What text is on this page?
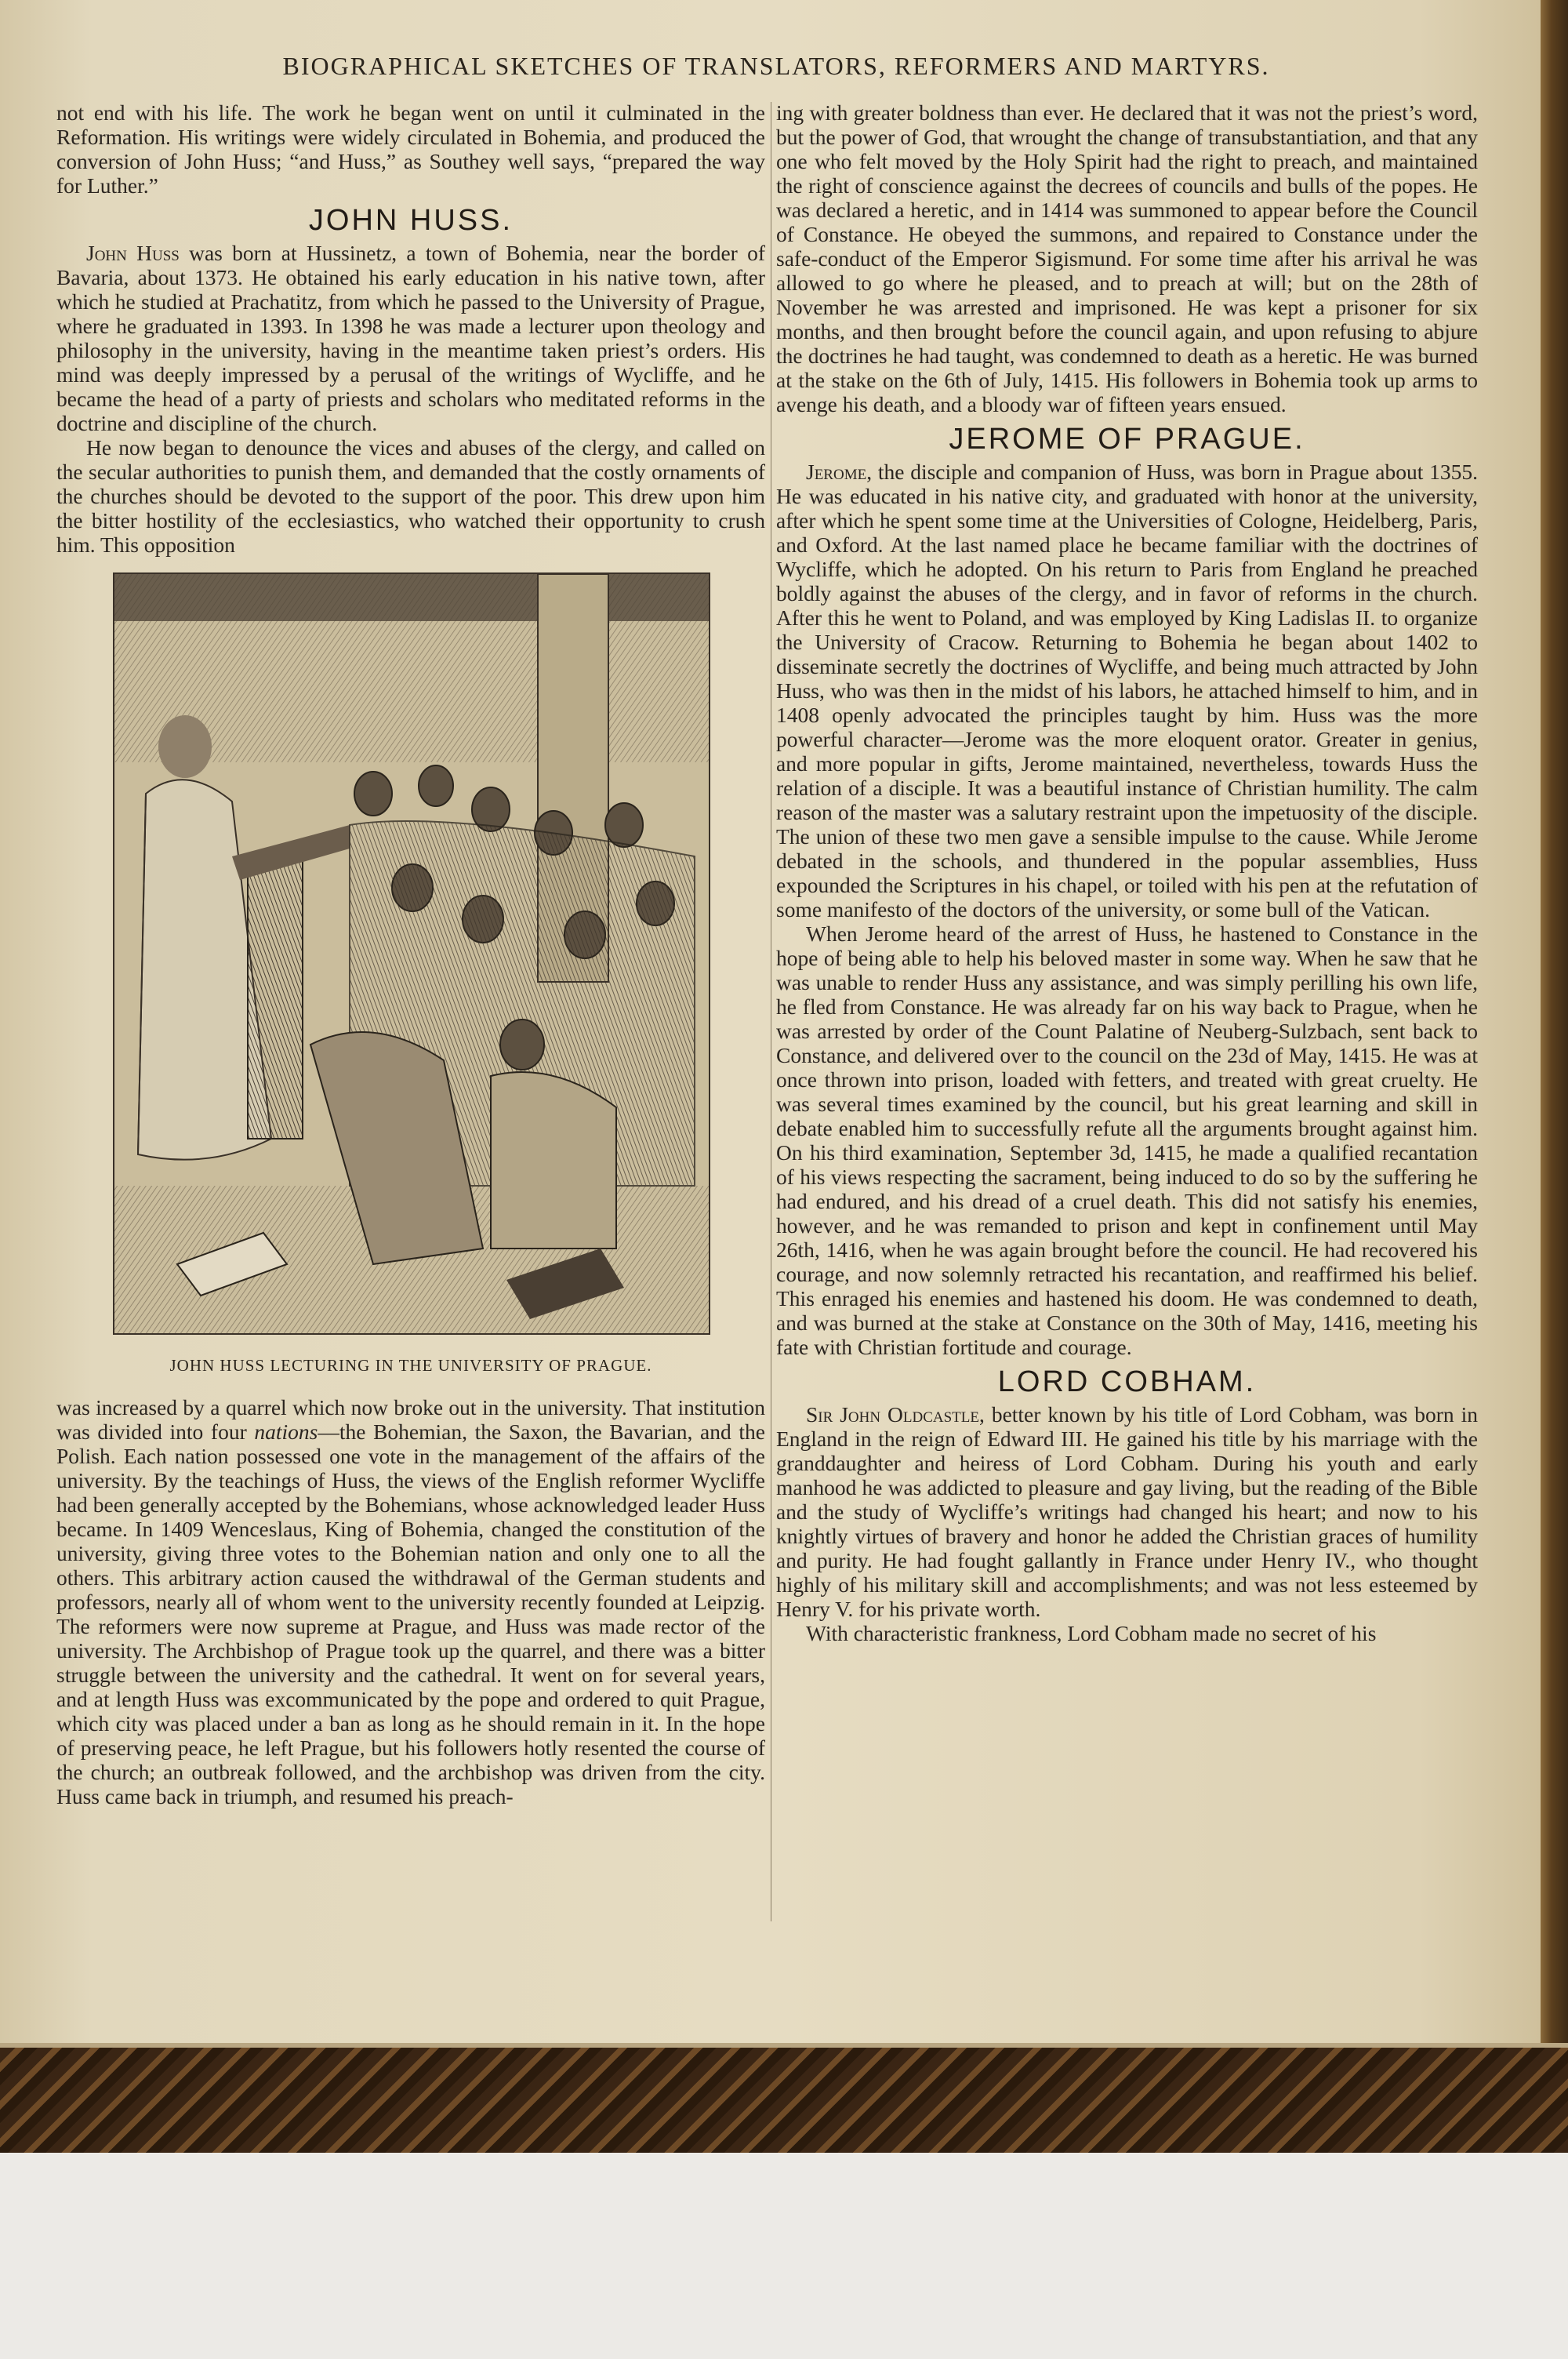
BIOGRAPHICAL SKETCHES OF TRANSLATORS, REFORMERS AND MARTYRS.

not end with his life. The work he began went on until it culminated in the Reformation. His writings were widely circulated in Bohemia, and produced the conversion of John Huss; “and Huss,” as Southey well says, “prepared the way for Luther.”

JOHN HUSS.

John Huss was born at Hussinetz, a town of Bohemia, near the border of Bavaria, about 1373. He obtained his early education in his native town, after which he studied at Prachatitz, from which he passed to the University of Prague, where he graduated in 1393. In 1398 he was made a lecturer upon theology and philosophy in the university, having in the meantime taken priest’s orders. His mind was deeply impressed by a perusal of the writings of Wycliffe, and he became the head of a party of priests and scholars who meditated reforms in the doctrine and discipline of the church.

He now began to denounce the vices and abuses of the clergy, and called on the secular authorities to punish them, and demanded that the costly ornaments of the churches should be devoted to the support of the poor. This drew upon him the bitter hostility of the ecclesiastics, who watched their opportunity to crush him. This opposition

JOHN HUSS LECTURING IN THE UNIVERSITY OF PRAGUE.

was increased by a quarrel which now broke out in the university. That institution was divided into four nations—the Bohemian, the Saxon, the Bavarian, and the Polish. Each nation possessed one vote in the management of the affairs of the university. By the teachings of Huss, the views of the English reformer Wycliffe had been generally accepted by the Bohemians, whose acknowledged leader Huss became. In 1409 Wenceslaus, King of Bohemia, changed the constitution of the university, giving three votes to the Bohemian nation and only one to all the others. This arbitrary action caused the withdrawal of the German students and professors, nearly all of whom went to the university recently founded at Leipzig. The reformers were now supreme at Prague, and Huss was made rector of the university. The Archbishop of Prague took up the quarrel, and there was a bitter struggle between the university and the cathedral. It went on for several years, and at length Huss was excommunicated by the pope and ordered to quit Prague, which city was placed under a ban as long as he should remain in it. In the hope of preserving peace, he left Prague, but his followers hotly resented the course of the church; an outbreak followed, and the archbishop was driven from the city. Huss came back in triumph, and resumed his preach-

ing with greater boldness than ever. He declared that it was not the priest’s word, but the power of God, that wrought the change of transubstantiation, and that any one who felt moved by the Holy Spirit had the right to preach, and maintained the right of conscience against the decrees of councils and bulls of the popes. He was declared a heretic, and in 1414 was summoned to appear before the Council of Constance. He obeyed the summons, and repaired to Constance under the safe-conduct of the Emperor Sigismund. For some time after his arrival he was allowed to go where he pleased, and to preach at will; but on the 28th of November he was arrested and imprisoned. He was kept a prisoner for six months, and then brought before the council again, and upon refusing to abjure the doctrines he had taught, was condemned to death as a heretic. He was burned at the stake on the 6th of July, 1415. His followers in Bohemia took up arms to avenge his death, and a bloody war of fifteen years ensued.

JEROME OF PRAGUE.

Jerome, the disciple and companion of Huss, was born in Prague about 1355. He was educated in his native city, and graduated with honor at the university, after which he spent some time at the Universities of Cologne, Heidelberg, Paris, and Oxford. At the last named place he became familiar with the doctrines of Wycliffe, which he adopted. On his return to Paris from England he preached boldly against the abuses of the clergy, and in favor of reforms in the church. After this he went to Poland, and was employed by King Ladislas II. to organize the University of Cracow. Returning to Bohemia he began about 1402 to disseminate secretly the doctrines of Wycliffe, and being much attracted by John Huss, who was then in the midst of his labors, he attached himself to him, and in 1408 openly advocated the principles taught by him. Huss was the more powerful character—Jerome was the more eloquent orator. Greater in genius, and more popular in gifts, Jerome maintained, nevertheless, towards Huss the relation of a disciple. It was a beautiful instance of Christian humility. The calm reason of the master was a salutary restraint upon the impetuosity of the disciple. The union of these two men gave a sensible impulse to the cause. While Jerome debated in the schools, and thundered in the popular assemblies, Huss expounded the Scriptures in his chapel, or toiled with his pen at the refutation of some manifesto of the doctors of the university, or some bull of the Vatican.

When Jerome heard of the arrest of Huss, he hastened to Constance in the hope of being able to help his beloved master in some way. When he saw that he was unable to render Huss any assistance, and was simply perilling his own life, he fled from Constance. He was already far on his way back to Prague, when he was arrested by order of the Count Palatine of Neuberg-Sulzbach, sent back to Constance, and delivered over to the council on the 23d of May, 1415. He was at once thrown into prison, loaded with fetters, and treated with great cruelty. He was several times examined by the council, but his great learning and skill in debate enabled him to successfully refute all the arguments brought against him. On his third examination, September 3d, 1415, he made a qualified recantation of his views respecting the sacrament, being induced to do so by the suffering he had endured, and his dread of a cruel death. This did not satisfy his enemies, however, and he was remanded to prison and kept in confinement until May 26th, 1416, when he was again brought before the council. He had recovered his courage, and now solemnly retracted his recantation, and reaffirmed his belief. This enraged his enemies and hastened his doom. He was condemned to death, and was burned at the stake at Constance on the 30th of May, 1416, meeting his fate with Christian fortitude and courage.

LORD COBHAM.

Sir John Oldcastle, better known by his title of Lord Cobham, was born in England in the reign of Edward III. He gained his title by his marriage with the granddaughter and heiress of Lord Cobham. During his youth and early manhood he was addicted to pleasure and gay living, but the reading of the Bible and the study of Wycliffe’s writings had changed his heart; and now to his knightly virtues of bravery and honor he added the Christian graces of humility and purity. He had fought gallantly in France under Henry IV., who thought highly of his military skill and accomplishments; and was not less esteemed by Henry V. for his private worth.

With characteristic frankness, Lord Cobham made no secret of his
